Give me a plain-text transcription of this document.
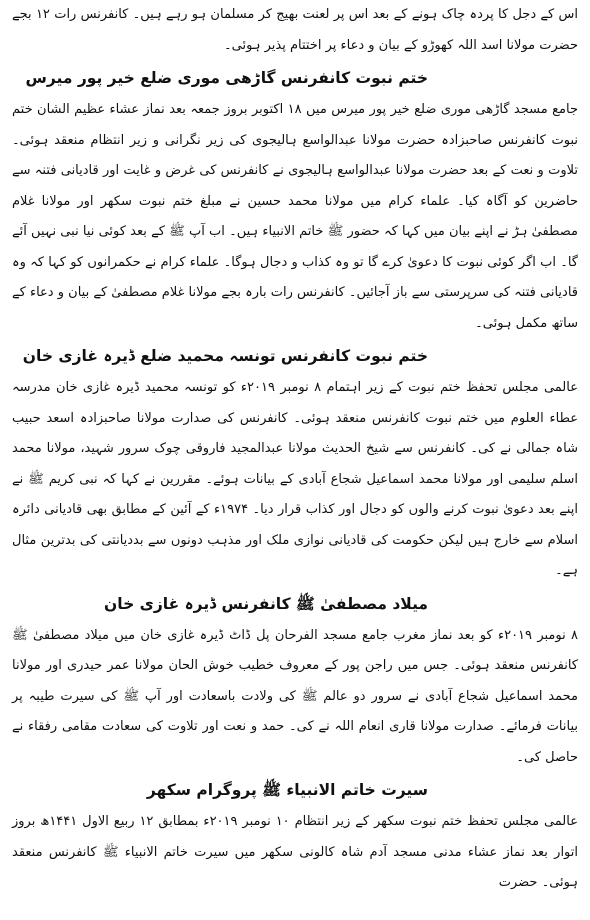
اس کے دجل کا پردہ چاک ہونے کے بعد اس پر لعنت بھیج کر مسلمان ہو رہے ہیں۔ کانفرنس رات ۱۲ بجے حضرت مولانا اسد اللہ کھوڑو کے بیان و دعاء پر اختتام پذیر ہوئی۔

ختم نبوت کانفرنس گاڑھی موری ضلع خیر پور میرس

جامع مسجد گاڑھی موری ضلع خیر پور میرس میں ۱۸ اکتوبر بروز جمعہ بعد نماز عشاء عظیم الشان ختم نبوت کانفرنس صاحبزادہ حضرت مولانا عبدالواسع ہالیجوی کی زیر نگرانی و زیر انتظام منعقد ہوئی۔ تلاوت و نعت کے بعد حضرت مولانا عبدالواسع ہالیجوی نے کانفرنس کی غرض و غایت اور قادیانی فتنہ سے حاضرین کو آگاہ کیا۔ علماء کرام میں مولانا محمد حسین نے مبلغ ختم نبوت سکھر اور مولانا غلام مصطفیٰ ہڑ نے اپنے بیان میں کہا کہ حضور ﷺ خاتم الانبیاء ہیں۔ اب آپ ﷺ کے بعد کوئی نیا نبی نہیں آئے گا۔ اب اگر کوئی نبوت کا دعویٰ کرے گا تو وہ کذاب و دجال ہوگا۔ علماء کرام نے حکمرانوں کو کہا کہ وہ قادیانی فتنہ کی سرپرستی سے باز آجائیں۔ کانفرنس رات بارہ بجے مولانا غلام مصطفیٰ کے بیان و دعاء کے ساتھ مکمل ہوئی۔

ختم نبوت کانفرنس تونسہ محمید ضلع ڈیرہ غازی خان

عالمی مجلس تحفظ ختم نبوت کے زیر اہتمام ۸ نومبر ۲۰۱۹ء کو تونسہ محمید ڈیرہ غازی خان مدرسہ عطاء العلوم میں ختم نبوت کانفرنس منعقد ہوئی۔ کانفرنس کی صدارت مولانا صاحبزادہ اسعد حبیب شاہ جمالی نے کی۔ کانفرنس سے شیخ الحدیث مولانا عبدالمجید فاروقی چوک سرور شہید، مولانا محمد اسلم سلیمی اور مولانا محمد اسماعیل شجاع آبادی کے بیانات ہوئے۔ مقررین نے کہا کہ نبی کریم ﷺ نے اپنے بعد دعویٰ نبوت کرنے والوں کو دجال اور کذاب قرار دیا۔ ۱۹۷۴ء کے آئین کے مطابق بھی قادیانی دائرہ اسلام سے خارج ہیں لیکن حکومت کی قادیانی نوازی ملک اور مذہب دونوں سے بددیانتی کی بدترین مثال ہے۔

میلاد مصطفیٰ ﷺ کانفرنس ڈیرہ غازی خان

۸ نومبر ۲۰۱۹ء کو بعد نماز مغرب جامع مسجد الفرحان پل ڈاٹ ڈیرہ غازی خان میں میلاد مصطفیٰ ﷺ کانفرنس منعقد ہوئی۔ جس میں راجن پور کے معروف خطیب خوش الحان مولانا عمر حیدری اور مولانا محمد اسماعیل شجاع آبادی نے سرور دو عالم ﷺ کی ولادت باسعادت اور آپ ﷺ کی سیرت طیبہ پر بیانات فرمائے۔ صدارت مولانا قاری انعام اللہ نے کی۔ حمد و نعت اور تلاوت کی سعادت مقامی رفقاء نے حاصل کی۔

سیرت خاتم الانبیاء ﷺ پروگرام سکھر

عالمی مجلس تحفظ ختم نبوت سکھر کے زیر انتظام ۱۰ نومبر ۲۰۱۹ء بمطابق ۱۲ ربیع الاول ۱۴۴۱ھ بروز اتوار بعد نماز عشاء مدنی مسجد آدم شاہ کالونی سکھر میں سیرت خاتم الانبیاء ﷺ کانفرنس منعقد ہوئی۔ حضرت
